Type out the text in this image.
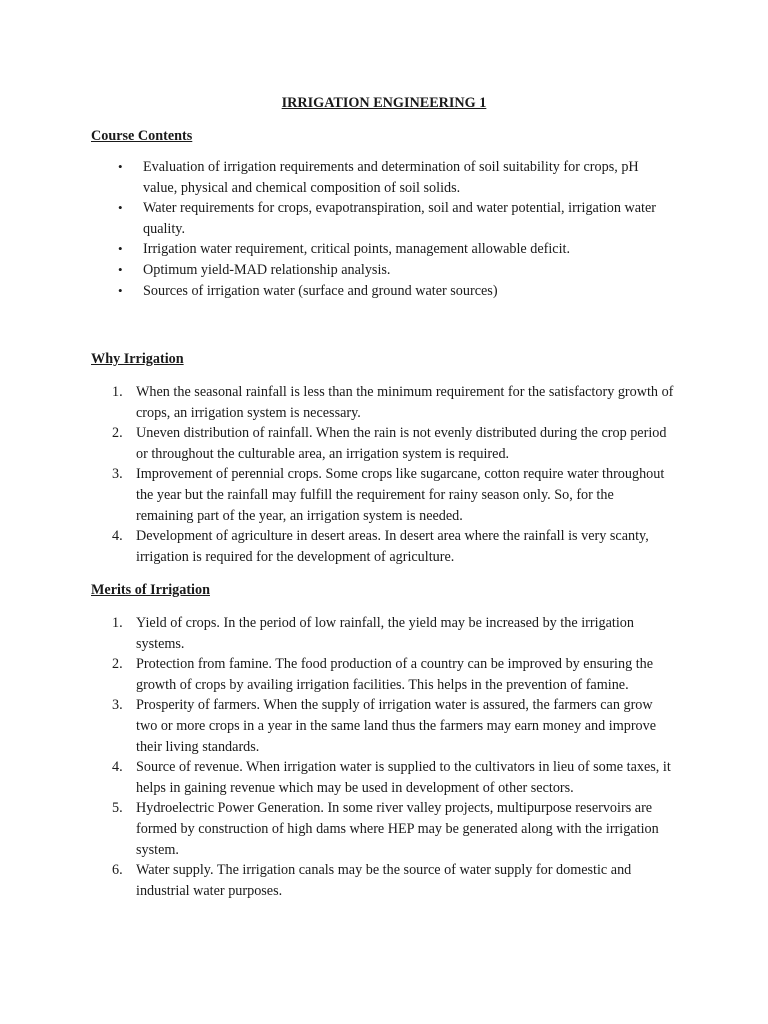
IRRIGATION ENGINEERING 1
Course Contents
• Evaluation of irrigation requirements and determination of soil suitability for crops, pH value, physical and chemical composition of soil solids.
• Water requirements for crops, evapotranspiration, soil and water potential, irrigation water quality.
• Irrigation water requirement, critical points, management allowable deficit.
• Optimum yield-MAD relationship analysis.
• Sources of irrigation water (surface and ground water sources)
Why Irrigation
1. When the seasonal rainfall is less than the minimum requirement for the satisfactory growth of crops, an irrigation system is necessary.
2. Uneven distribution of rainfall. When the rain is not evenly distributed during the crop period or throughout the culturable area, an irrigation system is required.
3. Improvement of perennial crops. Some crops like sugarcane, cotton require water throughout the year but the rainfall may fulfill the requirement for rainy season only. So, for the remaining part of the year, an irrigation system is needed.
4. Development of agriculture in desert areas. In desert area where the rainfall is very scanty, irrigation is required for the development of agriculture.
Merits of Irrigation
1. Yield of crops. In the period of low rainfall, the yield may be increased by the irrigation systems.
2. Protection from famine. The food production of a country can be improved by ensuring the growth of crops by availing irrigation facilities. This helps in the prevention of famine.
3. Prosperity of farmers. When the supply of irrigation water is assured, the farmers can grow two or more crops in a year in the same land thus the farmers may earn money and improve their living standards.
4. Source of revenue. When irrigation water is supplied to the cultivators in lieu of some taxes, it helps in gaining revenue which may be used in development of other sectors.
5. Hydroelectric Power Generation. In some river valley projects, multipurpose reservoirs are formed by construction of high dams where HEP may be generated along with the irrigation system.
6. Water supply. The irrigation canals may be the source of water supply for domestic and industrial water purposes.
